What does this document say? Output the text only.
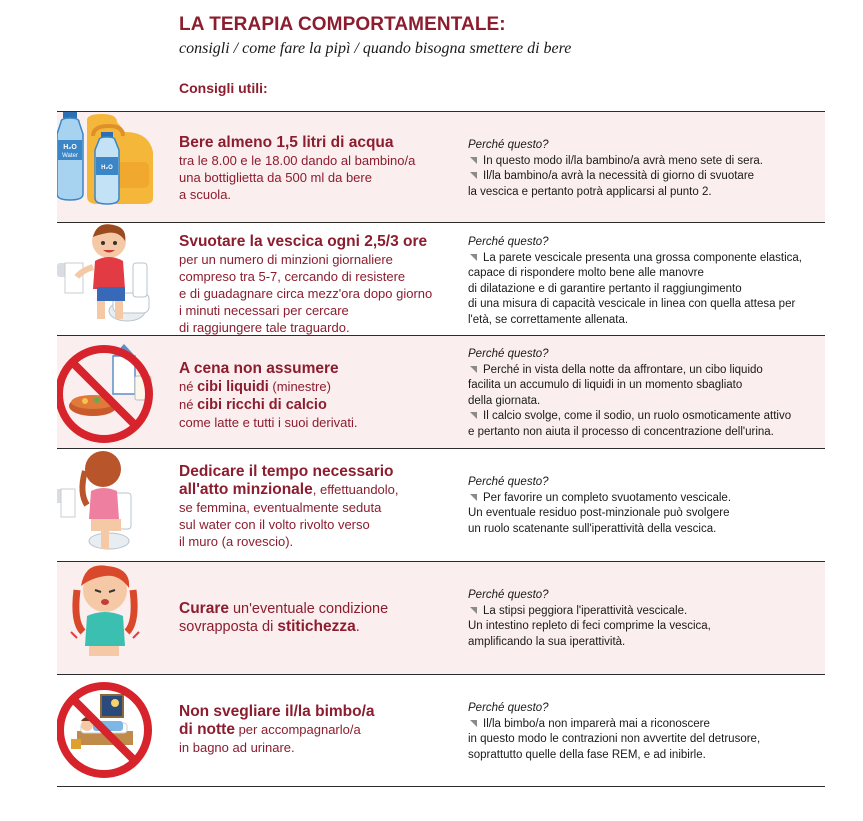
LA TERAPIA COMPORTAMENTALE:
consigli / come fare la pipì / quando bisogna smettere di bere
Consigli utili:
H₂O
Water
H₂O
Bere almeno 1,5 litri di acqua
tra le 8.00 e le 18.00 dando al bambino/a
una bottiglietta da 500 ml da bere
a scuola.
Perché questo?
In questo modo il/la bambino/a avrà meno sete di sera.
Il/la bambino/a avrà la necessità di giorno di svuotare
la vescica e pertanto potrà applicarsi al punto 2.
Svuotare la vescica ogni 2,5/3 ore
per un numero di minzioni giornaliere
compreso tra 5-7, cercando di resistere
e di guadagnare circa mezz'ora dopo giorno
i minuti necessari per cercare
di raggiungere tale traguardo.
Perché questo?
La parete vescicale presenta una grossa componente elastica,
capace di rispondere molto bene alle manovre
di dilatazione e di garantire pertanto il raggiungimento
di una misura di capacità vescicale in linea con quella attesa per
l'età, se correttamente allenata.
A cena non assumere
né cibi liquidi (minestre)
né cibi ricchi di calcio
come latte e tutti i suoi derivati.
Perché questo?
Perché in vista della notte da affrontare, un cibo liquido
facilita un accumulo di liquidi in un momento sbagliato
della giornata.
Il calcio svolge, come il sodio, un ruolo osmoticamente attivo
e pertanto non aiuta il processo di concentrazione dell'urina.
Dedicare il tempo necessario
all'atto minzionale, effettuandolo,
se femmina, eventualmente seduta
sul water con il volto rivolto verso
il muro (a rovescio).
Perché questo?
Per favorire un completo svuotamento vescicale.
Un eventuale residuo post-minzionale può svolgere
un ruolo scatenante sull'iperattività della vescica.
Curare un'eventuale condizione
sovrapposta di stitichezza.
Perché questo?
La stipsi peggiora l'iperattività vescicale.
Un intestino repleto di feci comprime la vescica,
amplificando la sua iperattività.
Non svegliare il/la bimbo/a
di notte per accompagnarlo/a
in bagno ad urinare.
Perché questo?
Il/la bimbo/a non imparerà mai a riconoscere
in questo modo le contrazioni non avvertite del detrusore,
soprattutto quelle della fase REM, e ad inibirle.
